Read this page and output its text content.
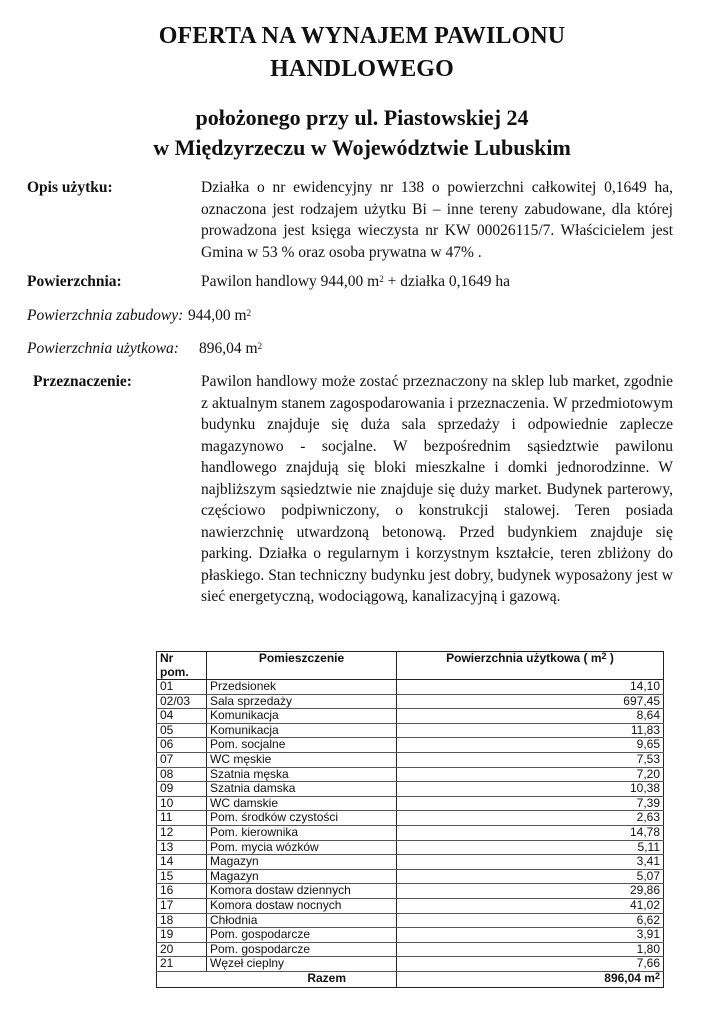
OFERTA NA WYNAJEM PAWILONU
HANDLOWEGO
położonego przy ul. Piastowskiej 24
w Międzyrzeczu w Województwie Lubuskim
Opis użytku:	Działka o nr ewidencyjny nr 138 o powierzchni całkowitej 0,1649 ha, oznaczona jest rodzajem użytku Bi – inne tereny zabudowane, dla której prowadzona jest księga wieczysta nr KW 00026115/7. Właścicielem jest Gmina w 53 % oraz osoba prywatna w 47% .
Powierzchnia:	Pawilon handlowy 944,00 $m^2$ + działka 0,1649 ha
Powierzchnia zabudowy: 944,00 $m^2$
Powierzchnia użytkowa: 896,04 $m^2$
Przeznaczenie:	Pawilon handlowy może zostać przeznaczony na sklep lub market, zgodnie z aktualnym stanem zagospodarowania i przeznaczenia. W przedmiotowym budynku znajduje się duża sala sprzedaży i odpowiednie zaplecze magazynowo - socjalne. W bezpośrednim sąsiedztwie pawilonu handlowego znajdują się bloki mieszkalne i domki jednorodzinne. W najbliższym sąsiedztwie nie znajduje się duży market. Budynek parterowy, częściowo podpiwniczony, o konstrukcji stalowej. Teren posiada nawierzchnię utwardzoną betonową. Przed budynkiem znajduje się parking. Działka o regularnym i korzystnym kształcie, teren zbliżony do płaskiego. Stan techniczny budynku jest dobry, budynek wyposażony jest w sieć energetyczną, wodociągową, kanalizacyjną i gazową.
Nr
pom.	Pomieszczenie	Powierzchnia użytkowa ( $m^2$ )
01	Przedsionek	14,10
02/03	Sala sprzedaży	697,45
04	Komunikacja	8,64
05	Komunikacja	11,83
06	Pom. socjalne	9,65
07	WC męskie	7,53
08	Szatnia męska	7,20
09	Szatnia damska	10,38
10	WC damskie	7,39
11	Pom. środków czystości	2,63
12	Pom. kierownika	14,78
13	Pom. mycia wózków	5,11
14	Magazyn	3,41
15	Magazyn	5,07
16	Komora dostaw dziennych	29,86
17	Komora dostaw nocnych	41,02
18	Chłodnia	6,62
19	Pom. gospodarcze	3,91
20	Pom. gospodarcze	1,80
21	Węzeł cieplny	7,66
Razem		896,04 $m^2$
